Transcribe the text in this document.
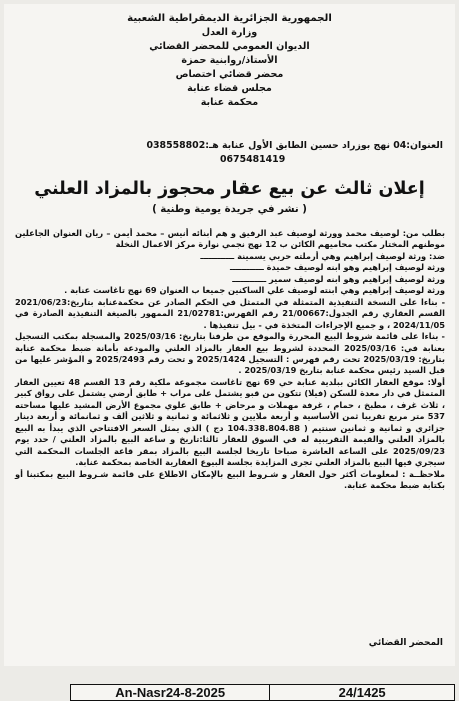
الجمهورية الجزائرية الديمقراطية الشعبية
وزارة العدل
الديوان العمومي للمحضر القضائي
الأستاذ/روابنية حمزة
محضر قضائي اختصاص
مجلس قضاء عنابة
محكمة عنابة
العنوان:04 نهج بوزراد حسين الطابق الأول عنابة هـ:038558802
0675481419
إعلان ثالث عن بيع عقار محجوز بالمزاد العلني
( نشر في جريدة يومية وطنية )

بطلب من: لوصيف محمد وورثة لوصيف عبد الرفيق و هم أبنائه أنيس – محمد أيمن – ريان العنوان الجاعلين موطنهم المختار مكتب محاميهم الكائن ب 12 نهج نجمي نوارة مركز الاعمال النخلة

ضد: ورثة لوصيف إبراهيم وهي أرملته حربي يسمينة ــــــــــــ

ورثة لوصيف إبراهيم وهو ابنه لوصيف حميدة ــــــــــــ

ورثة لوصيف إبراهيم وهو ابنه لوصيف سمير ــــــــــــ

ورثة لوصيف إبراهيم وهي ابنته لوصيف علي الساكنين جميعا ب العنوان 69 نهج تاغاست عنابة .

- بناءا على النسخة التنفيذية المتمثلة في المتمثل في الحكم الصادر عن محكمةعنابة بتاريخ:2021/06/23 القسم العقاري رقم الجدول:21/00667 رقم الفهرس:21/02781 الممهور بالصيغة التنفيذية الصادرة في 2024/11/05 ، و جميع الإجراءات المتخذة في - بيل تنفيذها .

- بناءا على قائمة شروط البيع المحررة والموقع من طرفنا بتاريخ: 2025/03/16 والمسجلة بمكتب التسجيل بعنابة في: 2025/03/16 المحددة لشروط بيع العقار بالمزاد العلني والمودعة بأمانة ضبط محكمة عنابة بتاريخ: 2025/03/19 تحت رقم فهرس : التسجيل 2025/1424 و تحت رقم 2025/2493 و المؤشر عليها من قبل السيد رئيس محكمة عنابة بتاريخ 2025/03/19 .

أولا: موقع العقار الكائن ببلدية عنابة حي 69 نهج تاغاست مجموعة ملكية رقم 13 القسم 48 تعيين العقار المتمثل في دار معدة للسكن (فيلا) تتكون من قبو يشتمل على مراب + طابق أرضي يشتمل على رواق كبير ، ثلاث غرف ، مطبخ ، حمام ، غرفة مهملات و مرحاض + طابق علوي مجموع الأرض المشيد عليها مساحته 537 متر مربع تقريبا ثمن الأساسية و أربعة ملايين و ثلاثمائة و ثمانية و ثلاثين ألف و ثمانمائة و أربعة دينار جزائري و ثمانية و ثمانين سنتيم ( 104.338.804.88 دج ) الذي يمثل السعر الافتتاحي الذي يبدأ به البيع بالمزاد العلني والقيمة التقريبية له في السوق للعقار ثالثا:تاريخ و ساعة البيع بالمزاد العلني / حدد يوم 2025/09/23 على الساعة العاشرة صباحا تاريخا لجلسة البيع بالمزاد بمقر قاعة الجلسات المحكمة التي سيجري فيها البيع بالمزاد العلني تجرى المزايدة بجلسة البيوع العقارية الخاصة بمحكمة عنابة.

ملاحظــة : لمعلومات أكثر حول العقار و شـروط البيع بالإمكان الاطلاع على قائمة شـروط البيع بمكتبنا أو بكتابة ضبط محكمة عنابة.

المحضر القضائي
An-Nasr24-8-2025	24/1425
